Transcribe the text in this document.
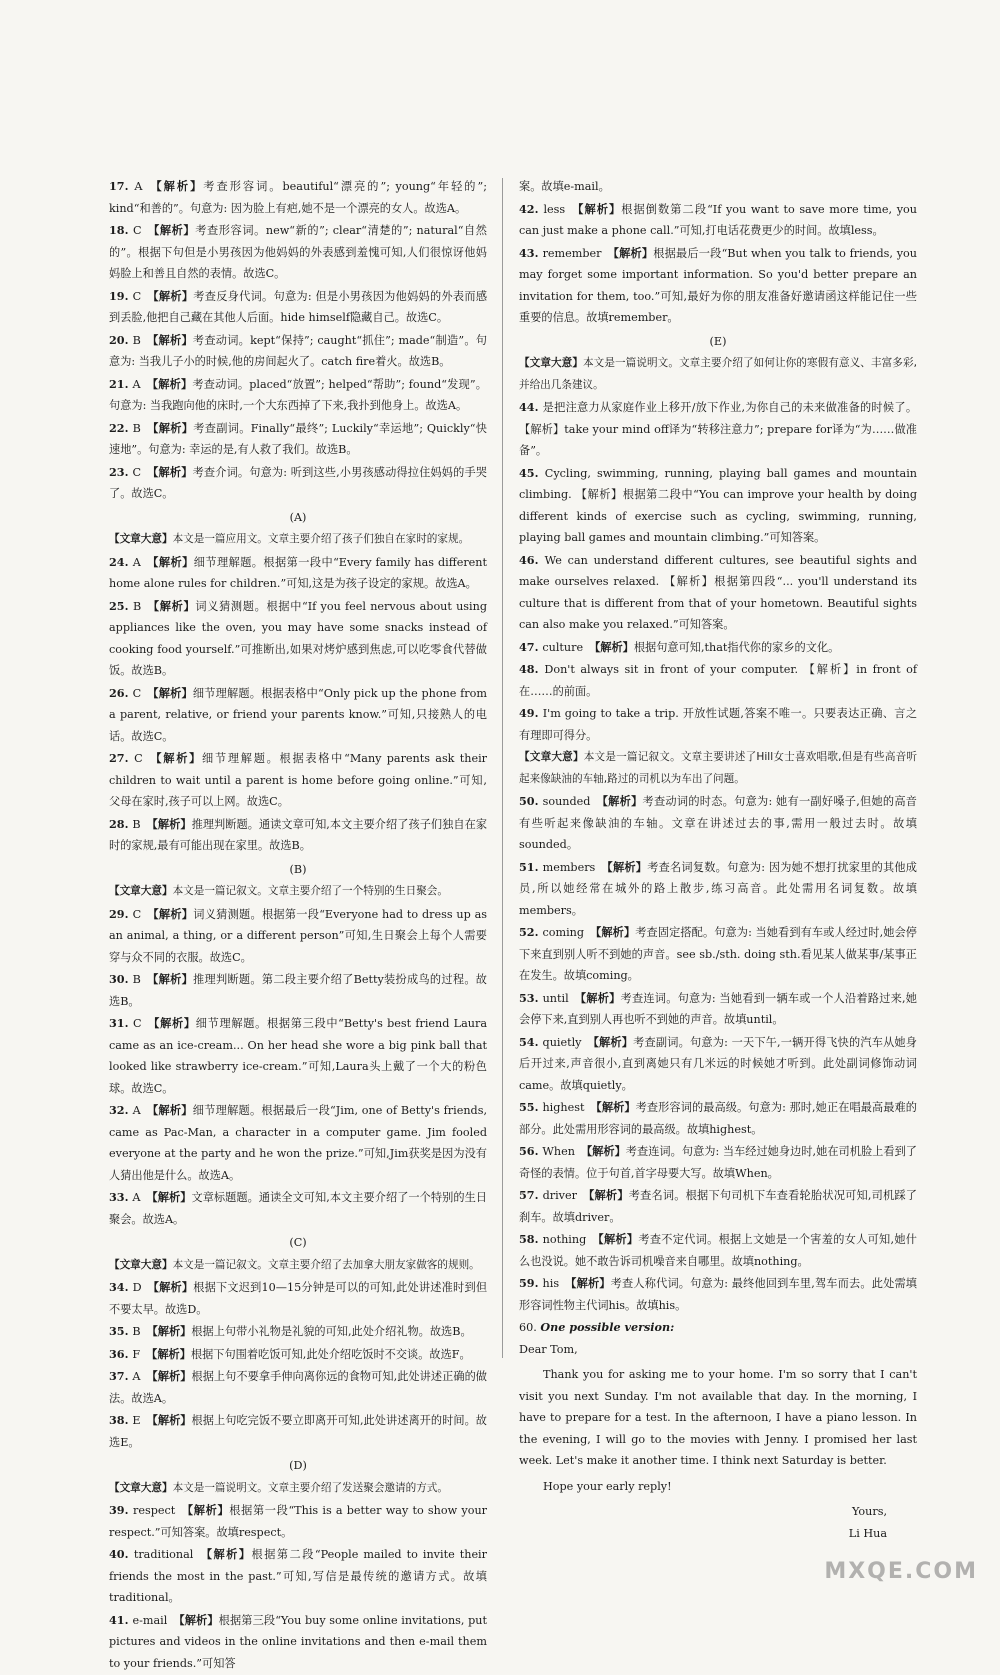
17. A 【解析】考查形容词。beautiful“漂亮的”; young“年轻的”; kind“和善的”。句意为: 因为脸上有疤,她不是一个漂亮的女人。故选A。
18. C 【解析】考查形容词。new“新的”; clear“清楚的”; natural“自然的”。根据下句但是小男孩因为他妈妈的外表感到羞愧可知,人们很惊讶他妈妈脸上和善且自然的表情。故选C。
19. C 【解析】考查反身代词。句意为: 但是小男孩因为他妈妈的外表而感到丢脸,他把自己藏在其他人后面。hide himself隐藏自己。故选C。
20. B 【解析】考查动词。kept“保持”; caught“抓住”; made“制造”。句意为: 当我儿子小的时候,他的房间起火了。catch fire着火。故选B。
21. A 【解析】考查动词。placed“放置”; helped“帮助”; found“发现”。句意为: 当我跑向他的床时,一个大东西掉了下来,我扑到他身上。故选A。
22. B 【解析】考查副词。Finally“最终”; Luckily“幸运地”; Quickly“快速地”。句意为: 幸运的是,有人救了我们。故选B。
23. C 【解析】考查介词。句意为: 听到这些,小男孩感动得拉住妈妈的手哭了。故选C。
(A)
【文章大意】本文是一篇应用文。文章主要介绍了孩子们独自在家时的家规。
24. A 【解析】细节理解题。根据第一段中“Every family has different home alone rules for children.”可知,这是为孩子设定的家规。故选A。
25. B 【解析】词义猜测题。根据中“If you feel nervous about using appliances like the oven, you may have some snacks instead of cooking food yourself.”可推断出,如果对烤炉感到焦虑,可以吃零食代替做饭。故选B。
26. C 【解析】细节理解题。根据表格中“Only pick up the phone from a parent, relative, or friend your parents know.”可知,只接熟人的电话。故选C。
27. C 【解析】细节理解题。根据表格中“Many parents ask their children to wait until a parent is home before going online.”可知,父母在家时,孩子可以上网。故选C。
28. B 【解析】推理判断题。通读文章可知,本文主要介绍了孩子们独自在家时的家规,最有可能出现在家里。故选B。
(B)
【文章大意】本文是一篇记叙文。文章主要介绍了一个特别的生日聚会。
29. C 【解析】词义猜测题。根据第一段“Everyone had to dress up as an animal, a thing, or a different person”可知,生日聚会上每个人需要穿与众不同的衣服。故选C。
30. B 【解析】推理判断题。第二段主要介绍了Betty装扮成鸟的过程。故选B。
31. C 【解析】细节理解题。根据第三段中“Betty's best friend Laura came as an ice-cream... On her head she wore a big pink ball that looked like strawberry ice-cream.”可知,Laura头上戴了一个大的粉色球。故选C。
32. A 【解析】细节理解题。根据最后一段“Jim, one of Betty's friends, came as Pac-Man, a character in a computer game. Jim fooled everyone at the party and he won the prize.”可知,Jim获奖是因为没有人猜出他是什么。故选A。
33. A 【解析】文章标题题。通读全文可知,本文主要介绍了一个特别的生日聚会。故选A。
(C)
【文章大意】本文是一篇记叙文。文章主要介绍了去加拿大朋友家做客的规则。
34. D 【解析】根据下文迟到10—15分钟是可以的可知,此处讲述准时到但不要太早。故选D。
35. B 【解析】根据上句带小礼物是礼貌的可知,此处介绍礼物。故选B。
36. F 【解析】根据下句围着吃饭可知,此处介绍吃饭时不交谈。故选F。
37. A 【解析】根据上句不要拿手伸向离你远的食物可知,此处讲述正确的做法。故选A。
38. E 【解析】根据上句吃完饭不要立即离开可知,此处讲述离开的时间。故选E。
(D)
【文章大意】本文是一篇说明文。文章主要介绍了发送聚会邀请的方式。
39. respect 【解析】根据第一段“This is a better way to show your respect.”可知答案。故填respect。
40. traditional 【解析】根据第二段“People mailed to invite their friends the most in the past.”可知,写信是最传统的邀请方式。故填traditional。
41. e-mail 【解析】根据第三段“You buy some online invitations, put pictures and videos in the online invitations and then e-mail them to your friends.”可知答
案。故填e-mail。
42. less 【解析】根据倒数第二段“If you want to save more time, you can just make a phone call.”可知,打电话花费更少的时间。故填less。
43. remember 【解析】根据最后一段“But when you talk to friends, you may forget some important information. So you'd better prepare an invitation for them, too.”可知,最好为你的朋友准备好邀请函这样能记住一些重要的信息。故填remember。
(E)
【文章大意】本文是一篇说明文。文章主要介绍了如何让你的寒假有意义、丰富多彩,并给出几条建议。
44. 是把注意力从家庭作业上移开/放下作业,为你自己的未来做准备的时候了。【解析】take your mind off译为“转移注意力”; prepare for译为“为……做准备”。
45. Cycling, swimming, running, playing ball games and mountain climbing. 【解析】根据第二段中“You can improve your health by doing different kinds of exercise such as cycling, swimming, running, playing ball games and mountain climbing.”可知答案。
46. We can understand different cultures, see beautiful sights and make ourselves relaxed. 【解析】根据第四段“... you'll understand its culture that is different from that of your hometown. Beautiful sights can also make you relaxed.”可知答案。
47. culture 【解析】根据句意可知,that指代你的家乡的文化。
48. Don't always sit in front of your computer. 【解析】in front of在……的前面。
49. I'm going to take a trip. 开放性试题,答案不唯一。只要表达正确、言之有理即可得分。
【文章大意】本文是一篇记叙文。文章主要讲述了Hill女士喜欢唱歌,但是有些高音听起来像缺油的车轴,路过的司机以为车出了问题。
50. sounded 【解析】考查动词的时态。句意为: 她有一副好嗓子,但她的高音有些听起来像缺油的车轴。文章在讲述过去的事,需用一般过去时。故填sounded。
51. members 【解析】考查名词复数。句意为: 因为她不想打扰家里的其他成员,所以她经常在城外的路上散步,练习高音。此处需用名词复数。故填members。
52. coming 【解析】考查固定搭配。句意为: 当她看到有车或人经过时,她会停下来直到别人听不到她的声音。see sb./sth. doing sth.看见某人做某事/某事正在发生。故填coming。
53. until 【解析】考查连词。句意为: 当她看到一辆车或一个人沿着路过来,她会停下来,直到别人再也听不到她的声音。故填until。
54. quietly 【解析】考查副词。句意为: 一天下午,一辆开得飞快的汽车从她身后开过来,声音很小,直到离她只有几米远的时候她才听到。此处副词修饰动词came。故填quietly。
55. highest 【解析】考查形容词的最高级。句意为: 那时,她正在唱最高最难的部分。此处需用形容词的最高级。故填highest。
56. When 【解析】考查连词。句意为: 当车经过她身边时,她在司机脸上看到了奇怪的表情。位于句首,首字母要大写。故填When。
57. driver 【解析】考查名词。根据下句司机下车查看轮胎状况可知,司机踩了刹车。故填driver。
58. nothing 【解析】考查不定代词。根据上文她是一个害羞的女人可知,她什么也没说。她不敢告诉司机噪音来自哪里。故填nothing。
59. his 【解析】考查人称代词。句意为: 最终他回到车里,驾车而去。此处需填形容词性物主代词his。故填his。

60. One possible version:

Dear Tom,

Thank you for asking me to your home. I'm so sorry that I can't visit you next Sunday. I'm not available that day. In the morning, I have to prepare for a test. In the afternoon, I have a piano lesson. In the evening, I will go to the movies with Jenny. I promised her last week. Let's make it another time. I think next Saturday is better.

Hope your early reply!

Yours,

Li Hua

MXQE.COM
